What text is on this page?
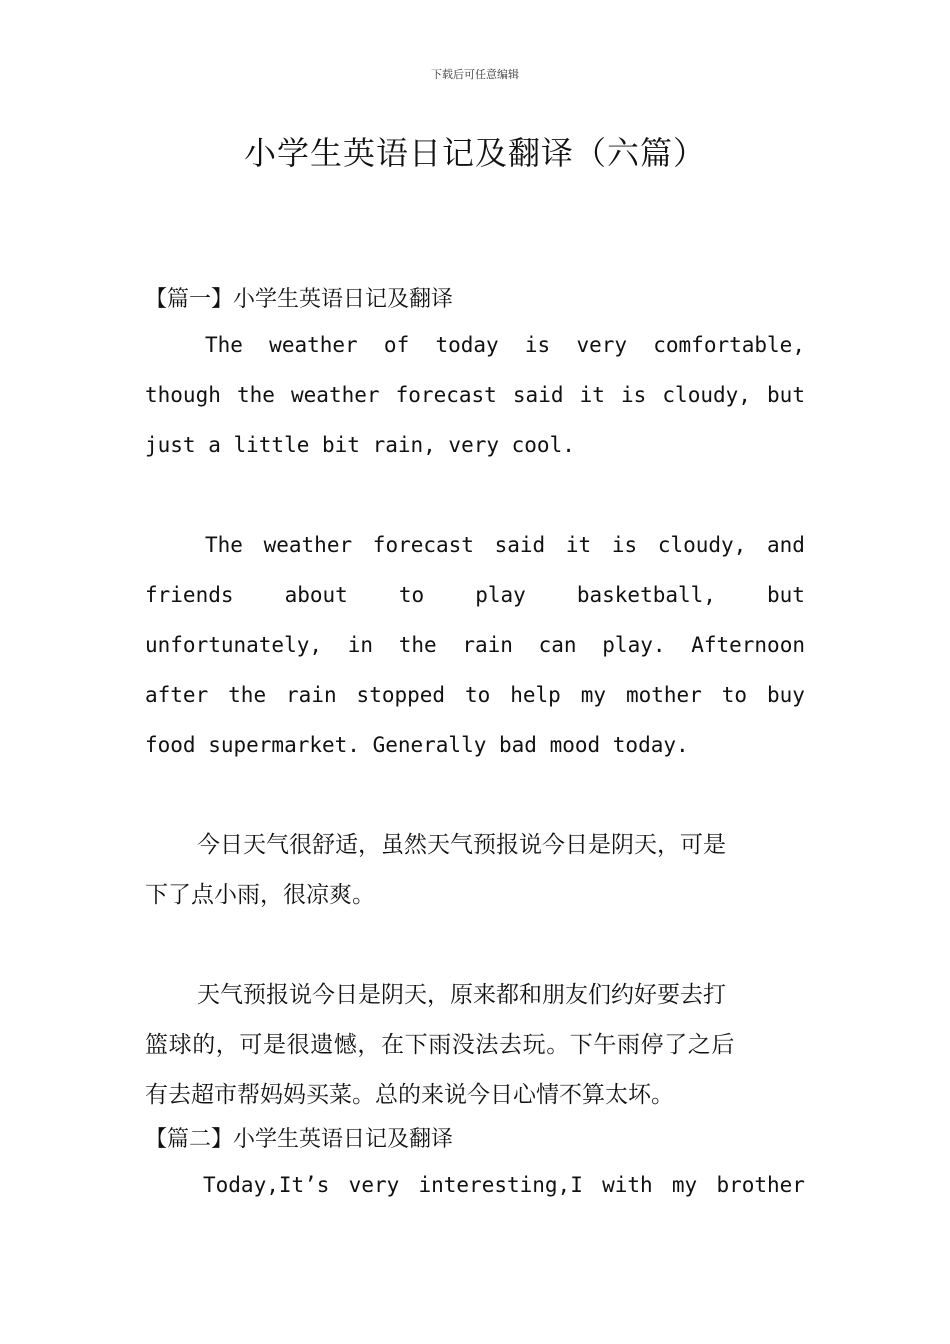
下载后可任意编辑
小学生英语日记及翻译（六篇）
【篇一】小学生英语日记及翻译
The weather of today is very comfortable,
though the weather forecast said it is cloudy, but
just a little bit rain, very cool.
The weather forecast said it is cloudy, and
friends about to play basketball, but
unfortunately, in the rain can play. Afternoon
after the rain stopped to help my mother to buy
food supermarket. Generally bad mood today.
今日天气很舒适，虽然天气预报说今日是阴天，可是
下了点小雨，很凉爽。
天气预报说今日是阴天，原来都和朋友们约好要去打
篮球的，可是很遗憾，在下雨没法去玩。下午雨停了之后
有去超市帮妈妈买菜。总的来说今日心情不算太坏。
【篇二】小学生英语日记及翻译
Today,It’s very interesting,I with my brother
